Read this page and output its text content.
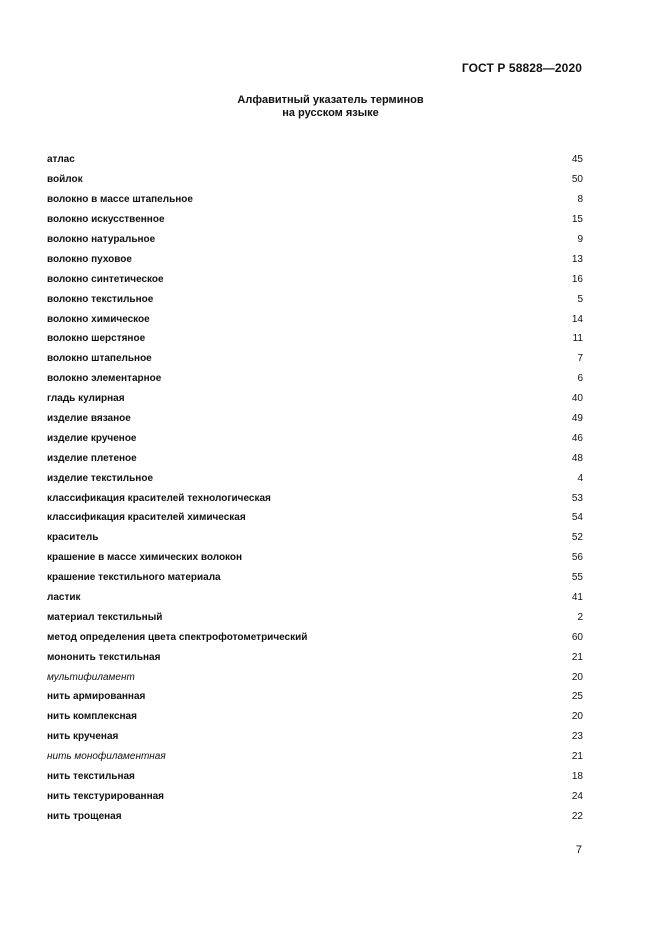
ГОСТ Р 58828—2020
Алфавитный указатель терминов
на русском языке
атлас	45
войлок	50
волокно в массе штапельное	8
волокно искусственное	15
волокно натуральное	9
волокно пуховое	13
волокно синтетическое	16
волокно текстильное	5
волокно химическое	14
волокно шерстяное	11
волокно штапельное	7
волокно элементарное	6
гладь кулирная	40
изделие вязаное	49
изделие крученое	46
изделие плетеное	48
изделие текстильное	4
классификация красителей технологическая	53
классификация красителей химическая	54
краситель	52
крашение в массе химических волокон	56
крашение текстильного материала	55
ластик	41
материал текстильный	2
метод определения цвета спектрофотометрический	60
мононить текстильная	21
мультифиламент	20
нить армированная	25
нить комплексная	20
нить крученая	23
нить монофиламентная	21
нить текстильная	18
нить текстурированная	24
нить трощеная	22
7
